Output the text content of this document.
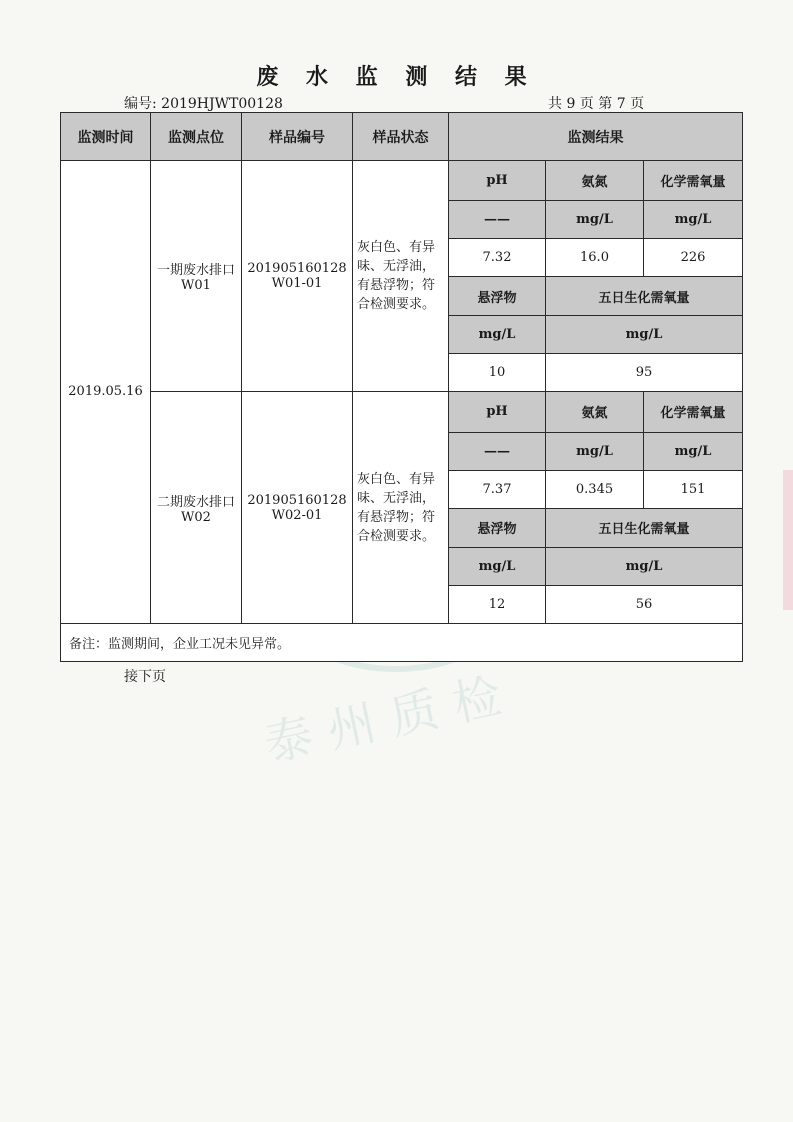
泰州质检
废 水 监 测 结 果
编号: 2019HJWT00128	共 9 页 第 7 页
监测时间	监测点位	样品编号	样品状态	监测结果		
2019.05.16	一期废水排口 W01	201905160128 W01-01	灰白色、有异味、无浮油，有悬浮物；符合检测要求。	pH	氨氮	化学需氧量
				——	mg/L	mg/L
				7.32	16.0	226
				悬浮物	五日生化需氧量	
				mg/L	mg/L	
				10	95	
	二期废水排口 W02	201905160128 W02-01	灰白色、有异味、无浮油，有悬浮物；符合检测要求。	pH	氨氮	化学需氧量
				——	mg/L	mg/L
				7.37	0.345	151
				悬浮物	五日生化需氧量	
				mg/L	mg/L	
				12	56	
备注：监测期间，企业工况未见异常。						
接下页
